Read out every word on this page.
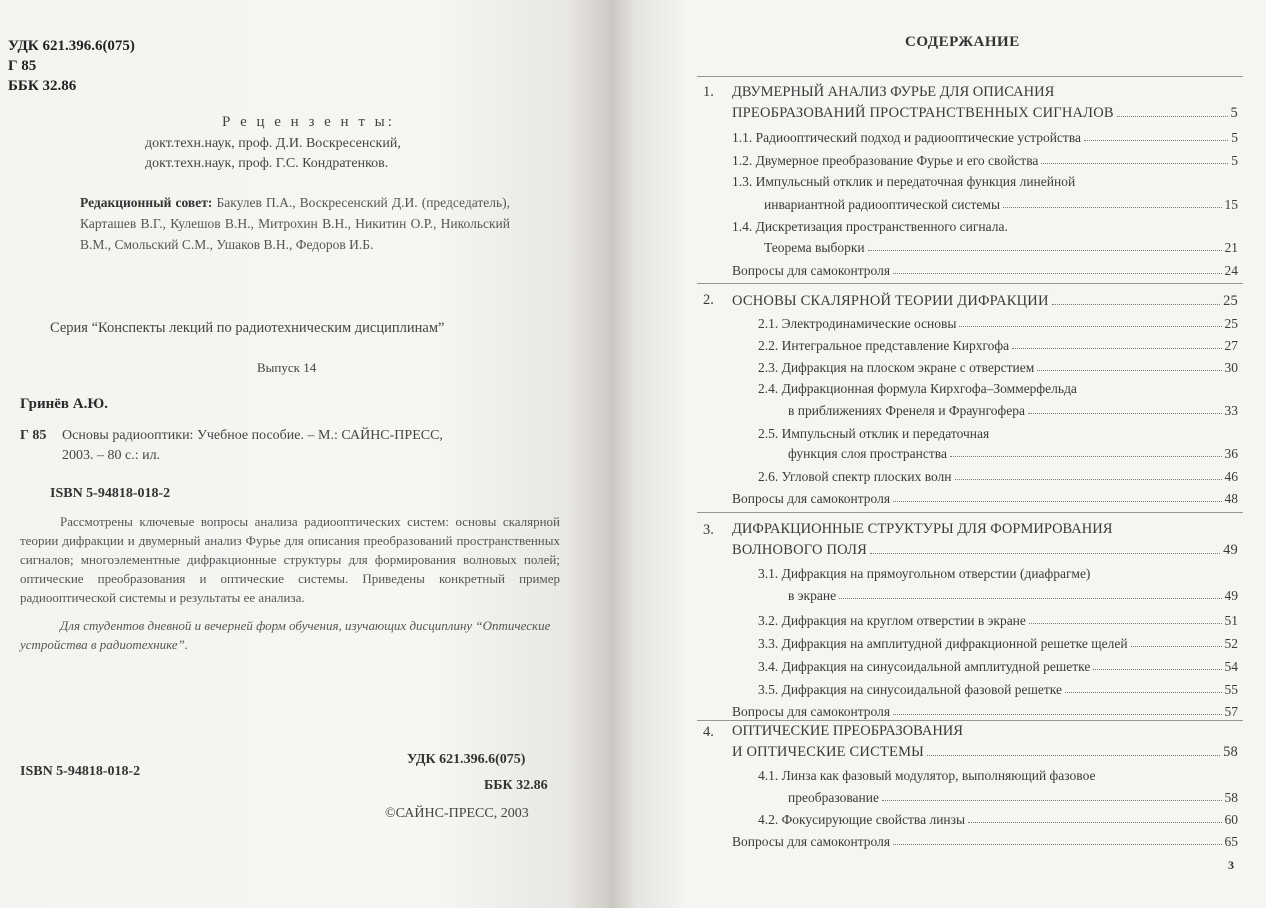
УДК 621.396.6(075)
Г 85
ББК 32.86
Р е ц е н з е н т ы:
докт.техн.наук, проф. Д.И. Воскресенский,
докт.техн.наук, проф. Г.С. Кондратенков.
Редакционный совет: Бакулев П.А., Воскресенский Д.И. (председатель), Карташев В.Г., Кулешов В.Н., Митрохин В.Н., Никитин О.Р., Никольский В.М., Смольский С.М., Ушаков В.Н., Федоров И.Б.
Серия “Конспекты лекций по радиотехническим дисциплинам”
Выпуск 14
Гринёв А.Ю.
Г 85 Основы радиооптики: Учебное пособие. – М.: САЙНС-ПРЕСС,
2003. – 80 с.: ил.
ISBN 5-94818-018-2
Рассмотрены ключевые вопросы анализа радиооптических систем: основы скалярной теории дифракции и двумерный анализ Фурье для описания преобразований пространственных сигналов; многоэлементные дифракционные структуры для формирования волновых полей; оптические преобразования и оптические системы. Приведены конкретный пример радиооптической системы и результаты ее анализа.
Для студентов дневной и вечерней форм обучения, изучающих дисциплину “Оптические устройства в радиотехнике”.
ISBN 5-94818-018-2
УДК 621.396.6(075)
ББК 32.86
©САЙНС-ПРЕСС, 2003
СОДЕРЖАНИЕ
1. ДВУМЕРНЫЙ АНАЛИЗ ФУРЬЕ ДЛЯ ОПИСАНИЯ
ПРЕОБРАЗОВАНИЙ ПРОСТРАНСТВЕННЫХ СИГНАЛОВ	5
1.1. Радиооптический подход и радиооптические устройства	5
1.2. Двумерное преобразование Фурье и его свойства	5
1.3. Импульсный отклик и передаточная функция линейной
инвариантной радиооптической системы	15
1.4. Дискретизация пространственного сигнала.
Теорема выборки	21
Вопросы для самоконтроля	24
2. ОСНОВЫ СКАЛЯРНОЙ ТЕОРИИ ДИФРАКЦИИ	25
2.1. Электродинамические основы	25
2.2. Интегральное представление Кирхгофа	27
2.3. Дифракция на плоском экране с отверстием	30
2.4. Дифракционная формула Кирхгофа–Зоммерфельда
в приближениях Френеля и Фраунгофера	33
2.5. Импульсный отклик и передаточная
функция слоя пространства	36
2.6. Угловой спектр плоских волн	46
Вопросы для самоконтроля	48
3. ДИФРАКЦИОННЫЕ СТРУКТУРЫ ДЛЯ ФОРМИРОВАНИЯ
ВОЛНОВОГО ПОЛЯ	49
3.1. Дифракция на прямоугольном отверстии (диафрагме)
в экране	49
3.2. Дифракция на круглом отверстии в экране	51
3.3. Дифракция на амплитудной дифракционной решетке щелей	52
3.4. Дифракция на синусоидальной амплитудной решетке	54
3.5. Дифракция на синусоидальной фазовой решетке	55
Вопросы для самоконтроля	57
4. ОПТИЧЕСКИЕ ПРЕОБРАЗОВАНИЯ
И ОПТИЧЕСКИЕ СИСТЕМЫ	58
4.1. Линза как фазовый модулятор, выполняющий фазовое
преобразование	58
4.2. Фокусирующие свойства линзы	60
Вопросы для самоконтроля	65
3
